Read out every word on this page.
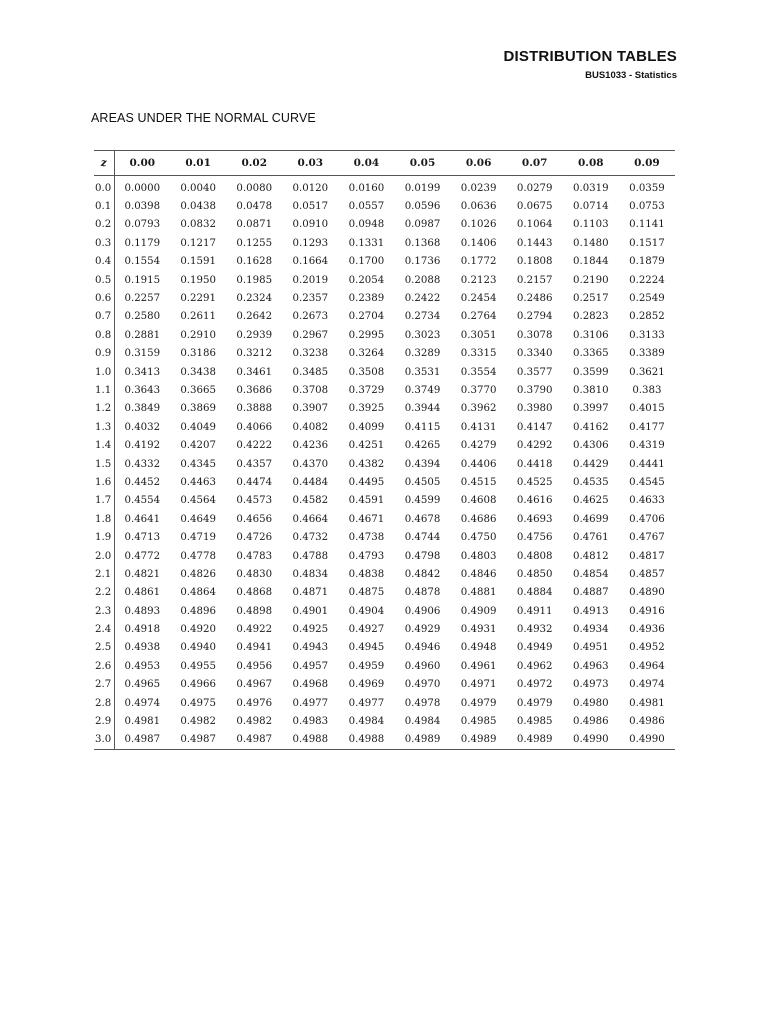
DISTRIBUTION TABLES
BUS1033 - Statistics
AREAS UNDER THE NORMAL CURVE
z	0.00	0.01	0.02	0.03	0.04	0.05	0.06	0.07	0.08	0.09
0.0	0.0000	0.0040	0.0080	0.0120	0.0160	0.0199	0.0239	0.0279	0.0319	0.0359
0.1	0.0398	0.0438	0.0478	0.0517	0.0557	0.0596	0.0636	0.0675	0.0714	0.0753
0.2	0.0793	0.0832	0.0871	0.0910	0.0948	0.0987	0.1026	0.1064	0.1103	0.1141
0.3	0.1179	0.1217	0.1255	0.1293	0.1331	0.1368	0.1406	0.1443	0.1480	0.1517
0.4	0.1554	0.1591	0.1628	0.1664	0.1700	0.1736	0.1772	0.1808	0.1844	0.1879
0.5	0.1915	0.1950	0.1985	0.2019	0.2054	0.2088	0.2123	0.2157	0.2190	0.2224
0.6	0.2257	0.2291	0.2324	0.2357	0.2389	0.2422	0.2454	0.2486	0.2517	0.2549
0.7	0.2580	0.2611	0.2642	0.2673	0.2704	0.2734	0.2764	0.2794	0.2823	0.2852
0.8	0.2881	0.2910	0.2939	0.2967	0.2995	0.3023	0.3051	0.3078	0.3106	0.3133
0.9	0.3159	0.3186	0.3212	0.3238	0.3264	0.3289	0.3315	0.3340	0.3365	0.3389
1.0	0.3413	0.3438	0.3461	0.3485	0.3508	0.3531	0.3554	0.3577	0.3599	0.3621
1.1	0.3643	0.3665	0.3686	0.3708	0.3729	0.3749	0.3770	0.3790	0.3810	0.383
1.2	0.3849	0.3869	0.3888	0.3907	0.3925	0.3944	0.3962	0.3980	0.3997	0.4015
1.3	0.4032	0.4049	0.4066	0.4082	0.4099	0.4115	0.4131	0.4147	0.4162	0.4177
1.4	0.4192	0.4207	0.4222	0.4236	0.4251	0.4265	0.4279	0.4292	0.4306	0.4319
1.5	0.4332	0.4345	0.4357	0.4370	0.4382	0.4394	0.4406	0.4418	0.4429	0.4441
1.6	0.4452	0.4463	0.4474	0.4484	0.4495	0.4505	0.4515	0.4525	0.4535	0.4545
1.7	0.4554	0.4564	0.4573	0.4582	0.4591	0.4599	0.4608	0.4616	0.4625	0.4633
1.8	0.4641	0.4649	0.4656	0.4664	0.4671	0.4678	0.4686	0.4693	0.4699	0.4706
1.9	0.4713	0.4719	0.4726	0.4732	0.4738	0.4744	0.4750	0.4756	0.4761	0.4767
2.0	0.4772	0.4778	0.4783	0.4788	0.4793	0.4798	0.4803	0.4808	0.4812	0.4817
2.1	0.4821	0.4826	0.4830	0.4834	0.4838	0.4842	0.4846	0.4850	0.4854	0.4857
2.2	0.4861	0.4864	0.4868	0.4871	0.4875	0.4878	0.4881	0.4884	0.4887	0.4890
2.3	0.4893	0.4896	0.4898	0.4901	0.4904	0.4906	0.4909	0.4911	0.4913	0.4916
2.4	0.4918	0.4920	0.4922	0.4925	0.4927	0.4929	0.4931	0.4932	0.4934	0.4936
2.5	0.4938	0.4940	0.4941	0.4943	0.4945	0.4946	0.4948	0.4949	0.4951	0.4952
2.6	0.4953	0.4955	0.4956	0.4957	0.4959	0.4960	0.4961	0.4962	0.4963	0.4964
2.7	0.4965	0.4966	0.4967	0.4968	0.4969	0.4970	0.4971	0.4972	0.4973	0.4974
2.8	0.4974	0.4975	0.4976	0.4977	0.4977	0.4978	0.4979	0.4979	0.4980	0.4981
2.9	0.4981	0.4982	0.4982	0.4983	0.4984	0.4984	0.4985	0.4985	0.4986	0.4986
3.0	0.4987	0.4987	0.4987	0.4988	0.4988	0.4989	0.4989	0.4989	0.4990	0.4990
